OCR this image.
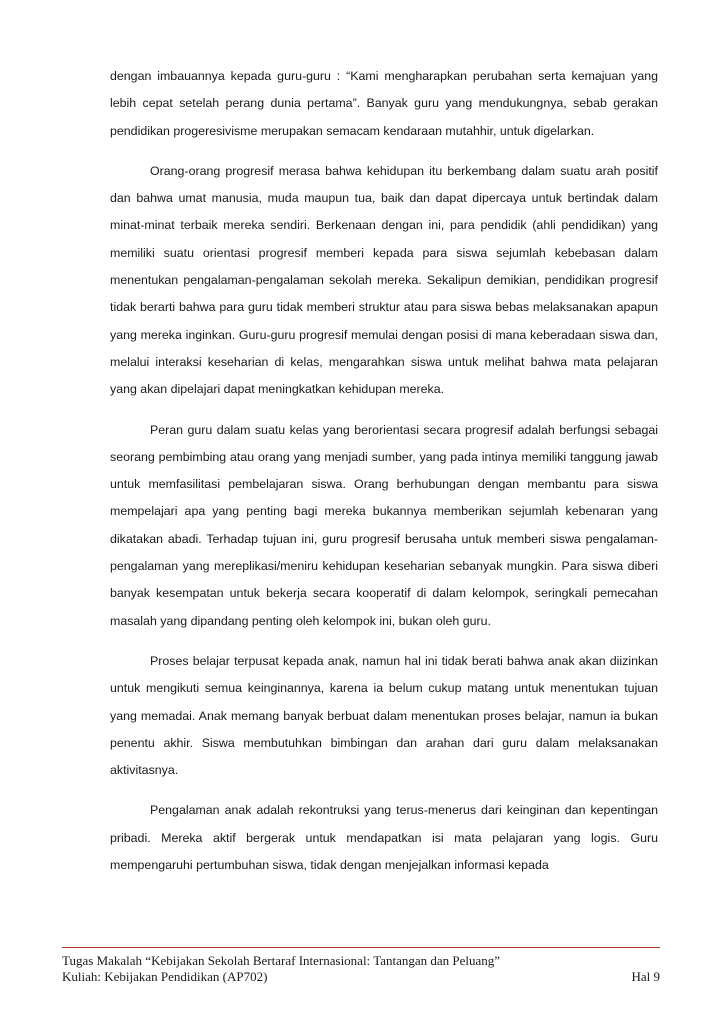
dengan imbauannya kepada guru-guru : “Kami mengharapkan perubahan serta kemajuan yang lebih cepat setelah perang dunia pertama”. Banyak guru yang mendukungnya, sebab gerakan pendidikan progeresivisme merupakan semacam kendaraan mutahhir, untuk digelarkan.

Orang-orang progresif merasa bahwa kehidupan itu berkembang dalam suatu arah positif dan bahwa umat manusia, muda maupun tua, baik dan dapat dipercaya untuk bertindak dalam minat-minat terbaik mereka sendiri. Berkenaan dengan ini, para pendidik (ahli pendidikan) yang memiliki suatu orientasi progresif memberi kepada para siswa sejumlah kebebasan dalam menentukan pengalaman-pengalaman sekolah mereka. Sekalipun demikian, pendidikan progresif tidak berarti bahwa para guru tidak memberi struktur atau para siswa bebas melaksanakan apapun yang mereka inginkan. Guru-guru progresif memulai dengan posisi di mana keberadaan siswa dan, melalui interaksi keseharian di kelas, mengarahkan siswa untuk melihat bahwa mata pelajaran yang akan dipelajari dapat meningkatkan kehidupan mereka.

Peran guru dalam suatu kelas yang berorientasi secara progresif adalah berfungsi sebagai seorang pembimbing atau orang yang menjadi sumber, yang pada intinya memiliki tanggung jawab untuk memfasilitasi pembelajaran siswa. Orang berhubungan dengan membantu para siswa mempelajari apa yang penting bagi mereka bukannya memberikan sejumlah kebenaran yang dikatakan abadi. Terhadap tujuan ini, guru progresif berusaha untuk memberi siswa pengalaman-pengalaman yang mereplikasi/meniru kehidupan keseharian sebanyak mungkin. Para siswa diberi banyak kesempatan untuk bekerja secara kooperatif di dalam kelompok, seringkali pemecahan masalah yang dipandang penting oleh kelompok ini, bukan oleh guru.

Proses belajar terpusat kepada anak, namun hal ini tidak berati bahwa anak akan diizinkan untuk mengikuti semua keinginannya, karena ia belum cukup matang untuk menentukan tujuan yang memadai. Anak memang banyak berbuat dalam menentukan proses belajar, namun ia bukan penentu akhir. Siswa membutuhkan bimbingan dan arahan dari guru dalam melaksanakan aktivitasnya.

Pengalaman anak adalah rekontruksi yang terus-menerus dari keinginan dan kepentingan pribadi. Mereka aktif bergerak untuk mendapatkan isi mata pelajaran yang logis. Guru mempengaruhi pertumbuhan siswa, tidak dengan menjejalkan informasi kepada

Tugas Makalah “Kebijakan Sekolah Bertaraf Internasional: Tantangan dan Peluang”
Kuliah: Kebijakan Pendidikan (AP702)	Hal 9
